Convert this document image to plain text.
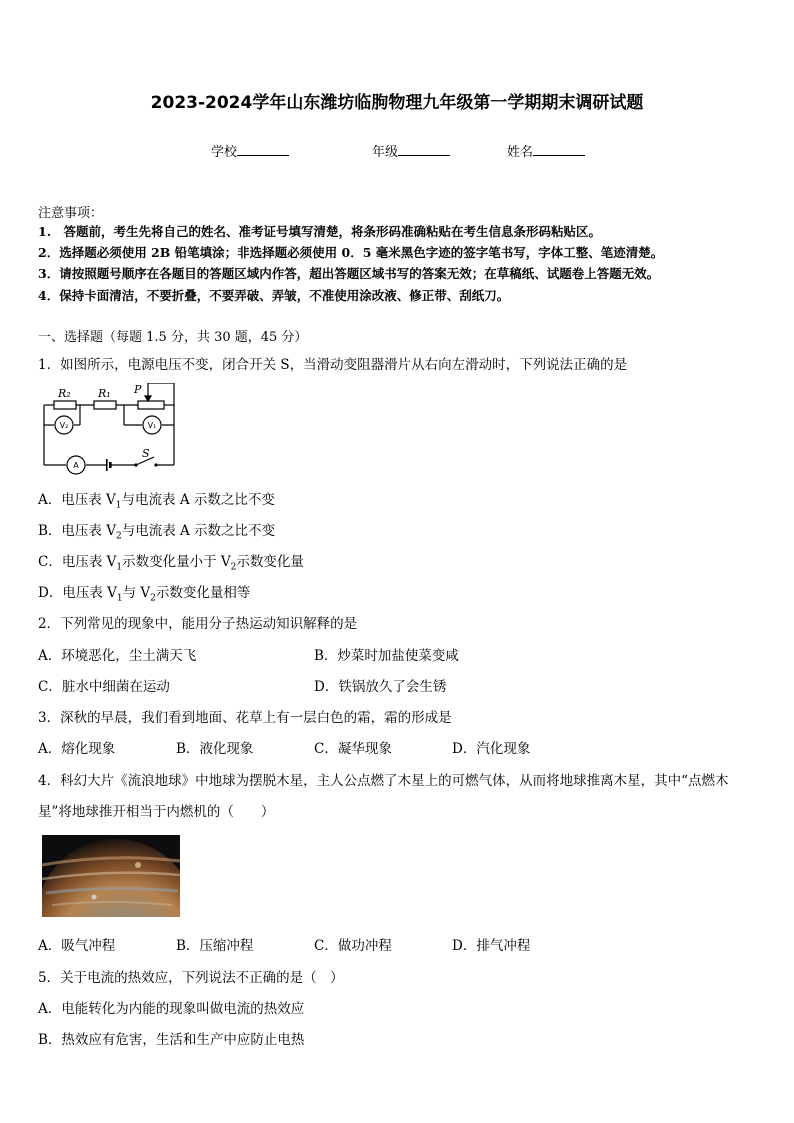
2023-2024学年山东潍坊临朐物理九年级第一学期期末调研试题
学校	年级	姓名
注意事项：
1.　答题前，考生先将自己的姓名、准考证号填写清楚，将条形码准确粘贴在考生信息条形码粘贴区。
2．选择题必须使用 2B 铅笔填涂；非选择题必须使用 0．5 毫米黑色字迹的签字笔书写，字体工整、笔迹清楚。
3．请按照题号顺序在各题目的答题区域内作答，超出答题区域书写的答案无效；在草稿纸、试题卷上答题无效。
4．保持卡面清洁，不要折叠，不要弄破、弄皱，不准使用涂改液、修正带、刮纸刀。
一、选择题（每题 1.5 分，共 30 题，45 分）
1．如图所示，电源电压不变，闭合开关 S，当滑动变阻器滑片从右向左滑动时，下列说法正确的是
R₂ R₁ P
S
V₂	V₁
A
A．电压表 $V_1$与电流表 A 示数之比不变
B．电压表 $V_2$与电流表 A 示数之比不变
C．电压表 $V_1$示数变化量小于 $V_2$示数变化量
D．电压表 $V_1$与 $V_2$示数变化量相等
2．下列常见的现象中，能用分子热运动知识解释的是
A．环境恶化，尘土满天飞	B．炒菜时加盐使菜变咸
C．脏水中细菌在运动	D．铁锅放久了会生锈
3．深秋的早晨，我们看到地面、花草上有一层白色的霜，霜的形成是
A．熔化现象	B．液化现象	C．凝华现象	D．汽化现象
4．科幻大片《流浪地球》中地球为摆脱木星，主人公点燃了木星上的可燃气体，从而将地球推离木星，其中“点燃木
星”将地球推开相当于内燃机的（　　）
A．吸气冲程	B．压缩冲程	C．做功冲程	D．排气冲程
5．关于电流的热效应，下列说法不正确的是（　）
A．电能转化为内能的现象叫做电流的热效应
B．热效应有危害，生活和生产中应防止电热
